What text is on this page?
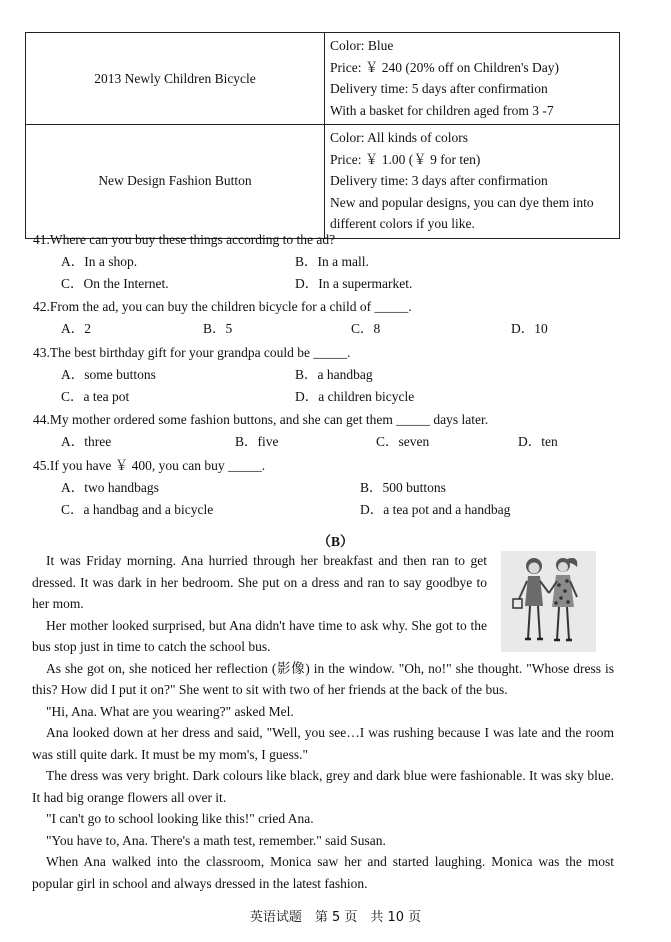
2013 Newly Children Bicycle	Color: Blue
Price: ￥ 240 (20% off on Children's Day)
Delivery time: 5 days after confirmation
With a basket for children aged from 3 -7

New Design Fashion Button	Color: All kinds of colors
Price: ￥ 1.00 (￥ 9 for ten)
Delivery time: 3 days after confirmation
New and popular designs, you can dye them into different colors if you like.
41.Where can you buy these things according to the ad?
A．In a shop.	B．In a mall.
C．On the Internet.	D．In a supermarket.
42.From the ad, you can buy the children bicycle for a child of _____.
A．2	B．5	C．8	D．10
43.The best birthday gift for your grandpa could be _____.
A．some buttons	B．a handbag
C．a tea pot	D．a children bicycle
44.My mother ordered some fashion buttons, and she can get them _____ days later.
A．three	B．five	C．seven	D．ten
45.If you have ￥ 400, you can buy _____.
A．two handbags	B．500 buttons
C．a handbag and a bicycle	D．a tea pot and a handbag
（B）

It was Friday morning. Ana hurried through her breakfast and then ran to get dressed. It was dark in her bedroom. She put on a dress and ran to say goodbye to her mom.

Her mother looked surprised, but Ana didn't have time to ask why. She got to the bus stop just in time to catch the school bus.

As she got on, she noticed her reflection (影像) in the window. "Oh, no!" she thought. "Whose dress is this? How did I put it on?" She went to sit with two of her friends at the back of the bus.

"Hi, Ana. What are you wearing?" asked Mel.

Ana looked down at her dress and said, "Well, you see…I was rushing because I was late and the room was still quite dark. It must be my mom's, I guess."

The dress was very bright. Dark colours like black, grey and dark blue were fashionable. It was sky blue. It had big orange flowers all over it.

"I can't go to school looking like this!" cried Ana.

"You have to, Ana. There's a math test, remember." said Susan.

When Ana walked into the classroom, Monica saw her and started laughing. Monica was the most popular girl in school and always dressed in the latest fashion.

英语试题　第 5 页　共 10 页
